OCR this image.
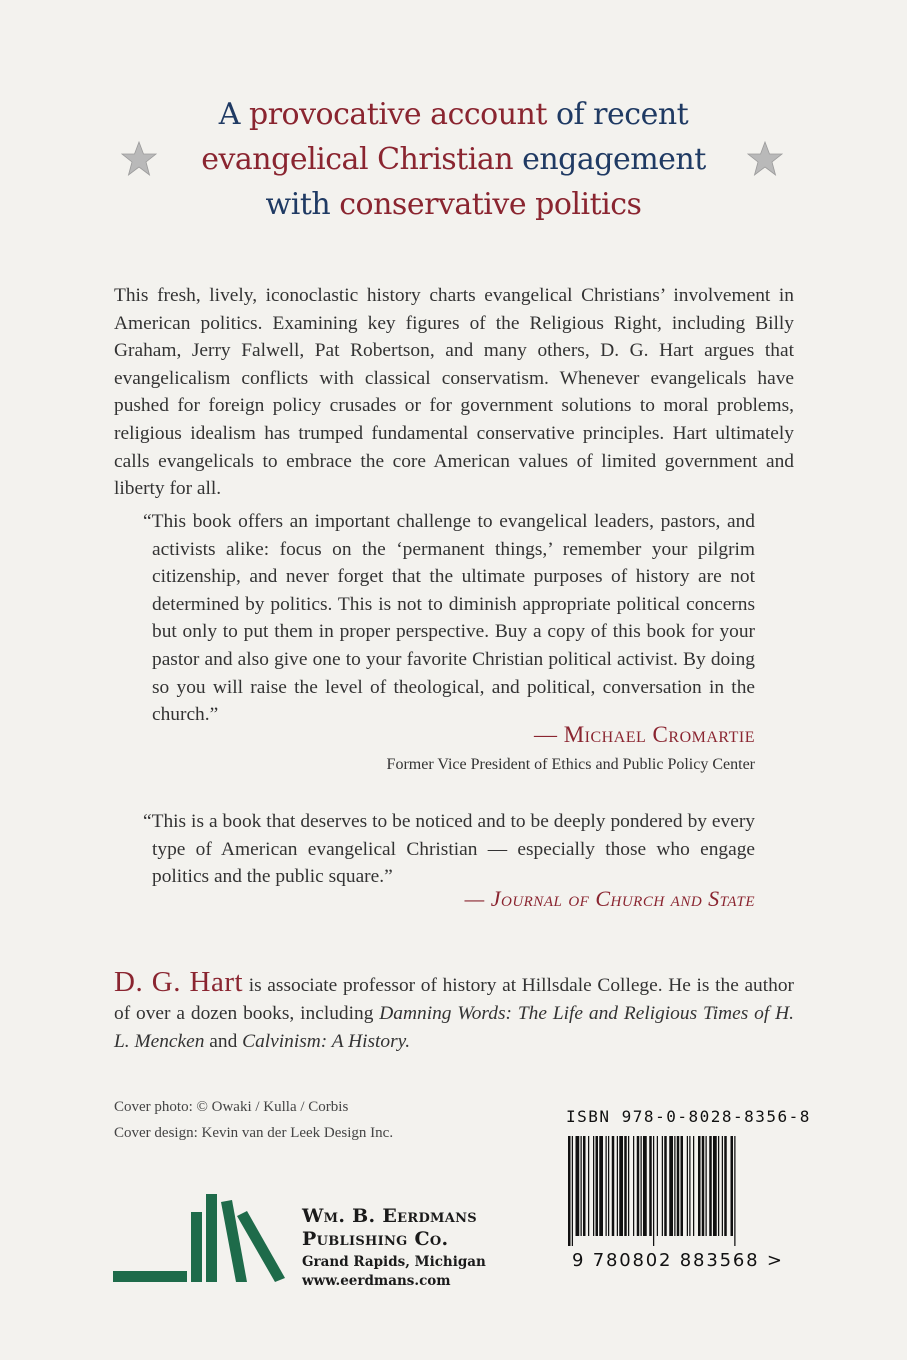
A provocative account of recent
evangelical Christian engagement
with conservative politics
This fresh, lively, iconoclastic history charts evangelical Christians’ involvement in American politics. Examining key figures of the Religious Right, including Billy Graham, Jerry Falwell, Pat Robertson, and many others, D. G. Hart argues that evangelicalism conflicts with classical conservatism. Whenever evangelicals have pushed for foreign policy crusades or for government solutions to moral problems, religious idealism has trumped fundamental conservative principles. Hart ultimately calls evangelicals to embrace the core American values of limited government and liberty for all.
“This book offers an important challenge to evangelical leaders, pastors, and activists alike: focus on the ‘permanent things,’ remember your pilgrim citizenship, and never forget that the ultimate purposes of history are not determined by politics. This is not to diminish appropriate political concerns but only to put them in proper perspective. Buy a copy of this book for your pastor and also give one to your favorite Christian political activist. By doing so you will raise the level of theological, and political, conversation in the church.”
— Michael Cromartie
Former Vice President of Ethics and Public Policy Center
“This is a book that deserves to be noticed and to be deeply pondered by every type of American evangelical Christian — especially those who engage politics and the public square.”
— Journal of Church and State
D. G. Hart is associate professor of history at Hillsdale College. He is the author of over a dozen books, including Damning Words: The Life and Religious Times of H. L. Mencken and Calvinism: A History.
Cover photo: © Owaki / Kulla / Corbis
Cover design: Kevin van der Leek Design Inc.
Wm. B. Eerdmans
Publishing Co.
Grand Rapids, Michigan
www.eerdmans.com
ISBN 978-0-8028-8356-8
9 780802 883568 >
